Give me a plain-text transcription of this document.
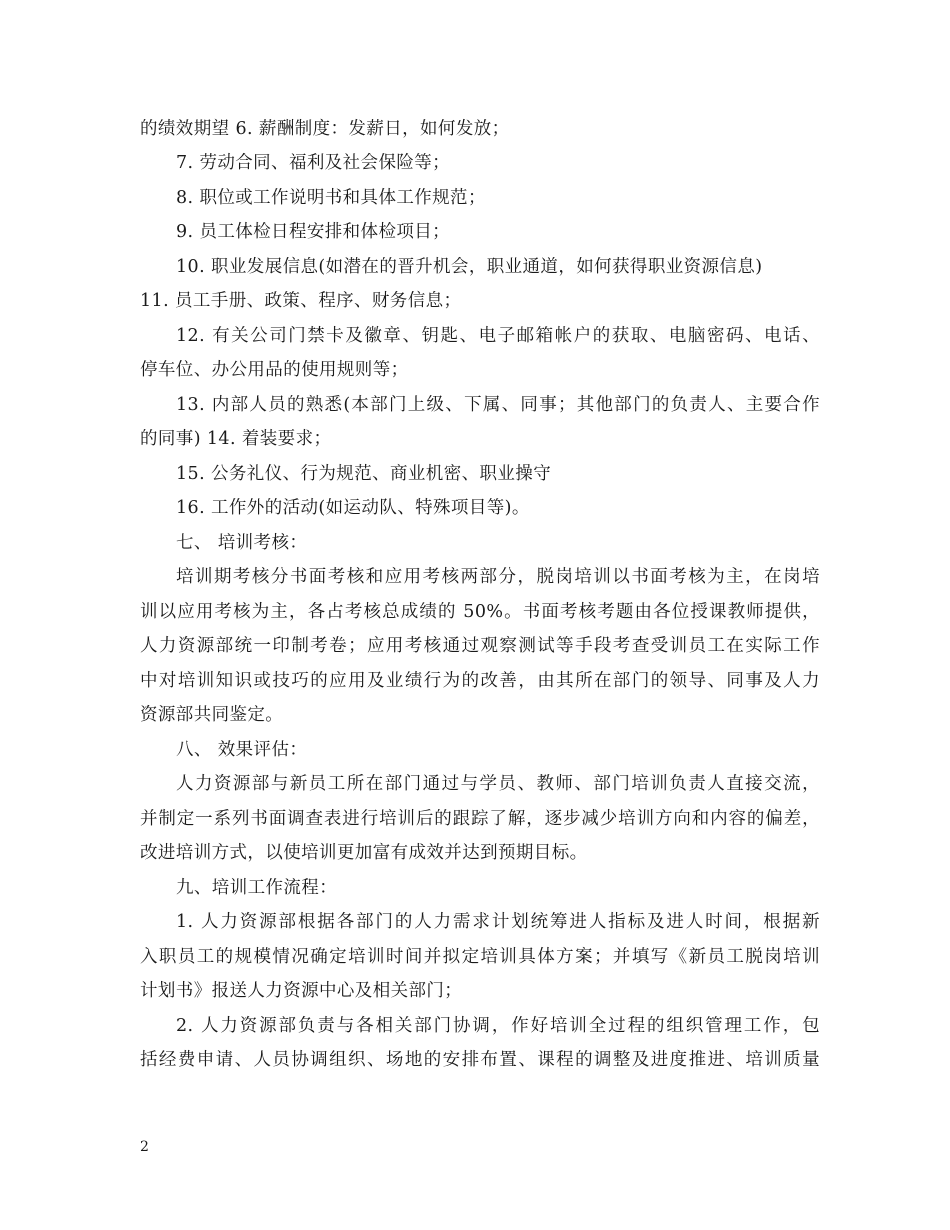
的绩效期望 6. 薪酬制度：发薪日，如何发放；
7. 劳动合同、福利及社会保险等；
8. 职位或工作说明书和具体工作规范；
9. 员工体检日程安排和体检项目；
10. 职业发展信息(如潜在的晋升机会，职业通道，如何获得职业资源信息)
11. 员工手册、政策、程序、财务信息；
12. 有关公司门禁卡及徽章、钥匙、电子邮箱帐户的获取、电脑密码、电话、
停车位、办公用品的使用规则等；
13. 内部人员的熟悉(本部门上级、下属、同事；其他部门的负责人、主要合作
的同事) 14. 着装要求；
15. 公务礼仪、行为规范、商业机密、职业操守
16. 工作外的活动(如运动队、特殊项目等)。
七、 培训考核：
培训期考核分书面考核和应用考核两部分，脱岗培训以书面考核为主，在岗培
训以应用考核为主，各占考核总成绩的 50%。书面考核考题由各位授课教师提供，
人力资源部统一印制考卷；应用考核通过观察测试等手段考查受训员工在实际工作
中对培训知识或技巧的应用及业绩行为的改善，由其所在部门的领导、同事及人力
资源部共同鉴定。
八、 效果评估：
人力资源部与新员工所在部门通过与学员、教师、部门培训负责人直接交流，
并制定一系列书面调查表进行培训后的跟踪了解，逐步减少培训方向和内容的偏差，
改进培训方式，以使培训更加富有成效并达到预期目标。
九、培训工作流程：
1. 人力资源部根据各部门的人力需求计划统筹进人指标及进人时间，根据新
入职员工的规模情况确定培训时间并拟定培训具体方案；并填写《新员工脱岗培训
计划书》报送人力资源中心及相关部门；
2. 人力资源部负责与各相关部门协调，作好培训全过程的组织管理工作，包
括经费申请、人员协调组织、场地的安排布置、课程的调整及进度推进、培训质量
2
